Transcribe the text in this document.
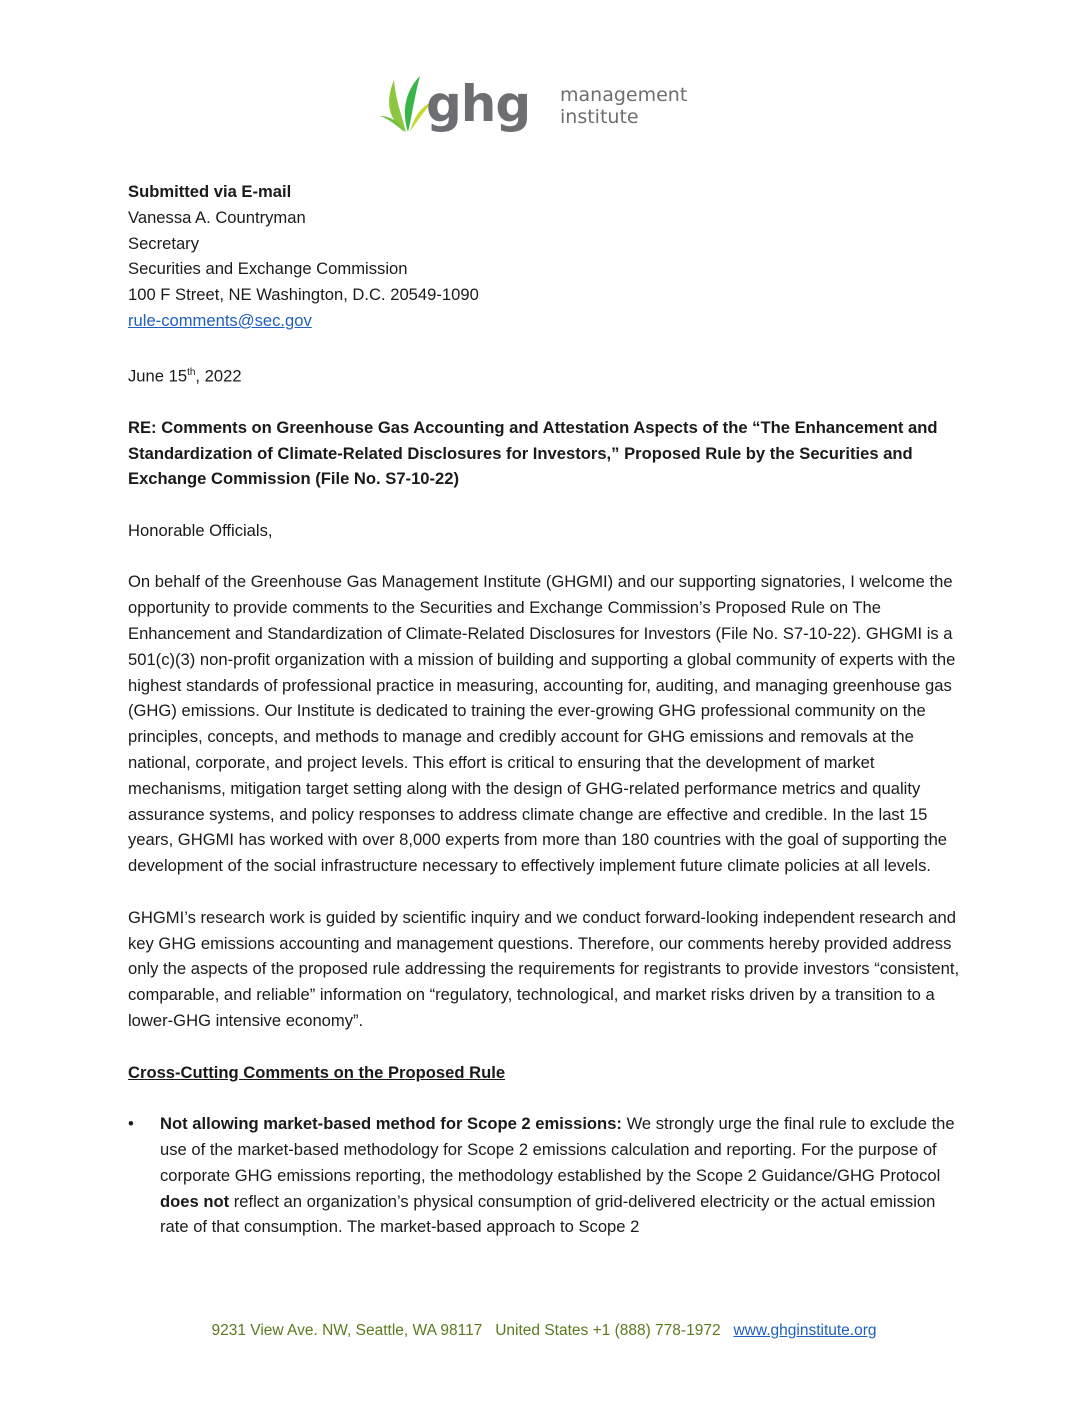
ghg management
institute
Submitted via E-mail
Vanessa A. Countryman
Secretary
Securities and Exchange Commission
100 F Street, NE Washington, D.C. 20549-1090
rule-comments@sec.gov
June 15th, 2022

RE: Comments on Greenhouse Gas Accounting and Attestation Aspects of the “The Enhancement and Standardization of Climate-Related Disclosures for Investors,” Proposed Rule by the Securities and Exchange Commission (File No. S7-10-22)

Honorable Officials,

On behalf of the Greenhouse Gas Management Institute (GHGMI) and our supporting signatories, I welcome the opportunity to provide comments to the Securities and Exchange Commission’s Proposed Rule on The Enhancement and Standardization of Climate-Related Disclosures for Investors (File No. S7-10-22). GHGMI is a 501(c)(3) non-profit organization with a mission of building and supporting a global community of experts with the highest standards of professional practice in measuring, accounting for, auditing, and managing greenhouse gas (GHG) emissions. Our Institute is dedicated to training the ever-growing GHG professional community on the principles, concepts, and methods to manage and credibly account for GHG emissions and removals at the national, corporate, and project levels. This effort is critical to ensuring that the development of market mechanisms, mitigation target setting along with the design of GHG-related performance metrics and quality assurance systems, and policy responses to address climate change are effective and credible. In the last 15 years, GHGMI has worked with over 8,000 experts from more than 180 countries with the goal of supporting the development of the social infrastructure necessary to effectively implement future climate policies at all levels.

GHGMI’s research work is guided by scientific inquiry and we conduct forward-looking independent research and key GHG emissions accounting and management questions. Therefore, our comments hereby provided address only the aspects of the proposed rule addressing the requirements for registrants to provide investors “consistent, comparable, and reliable” information on “regulatory, technological, and market risks driven by a transition to a lower-GHG intensive economy”.

Cross-Cutting Comments on the Proposed Rule

• Not allowing market-based method for Scope 2 emissions: We strongly urge the final rule to exclude the use of the market-based methodology for Scope 2 emissions calculation and reporting. For the purpose of corporate GHG emissions reporting, the methodology established by the Scope 2 Guidance/GHG Protocol does not reflect an organization’s physical consumption of grid-delivered electricity or the actual emission rate of that consumption. The market-based approach to Scope 2
9231 View Ave. NW, Seattle, WA 98117   United States +1 (888) 778-1972 www.ghginstitute.org
